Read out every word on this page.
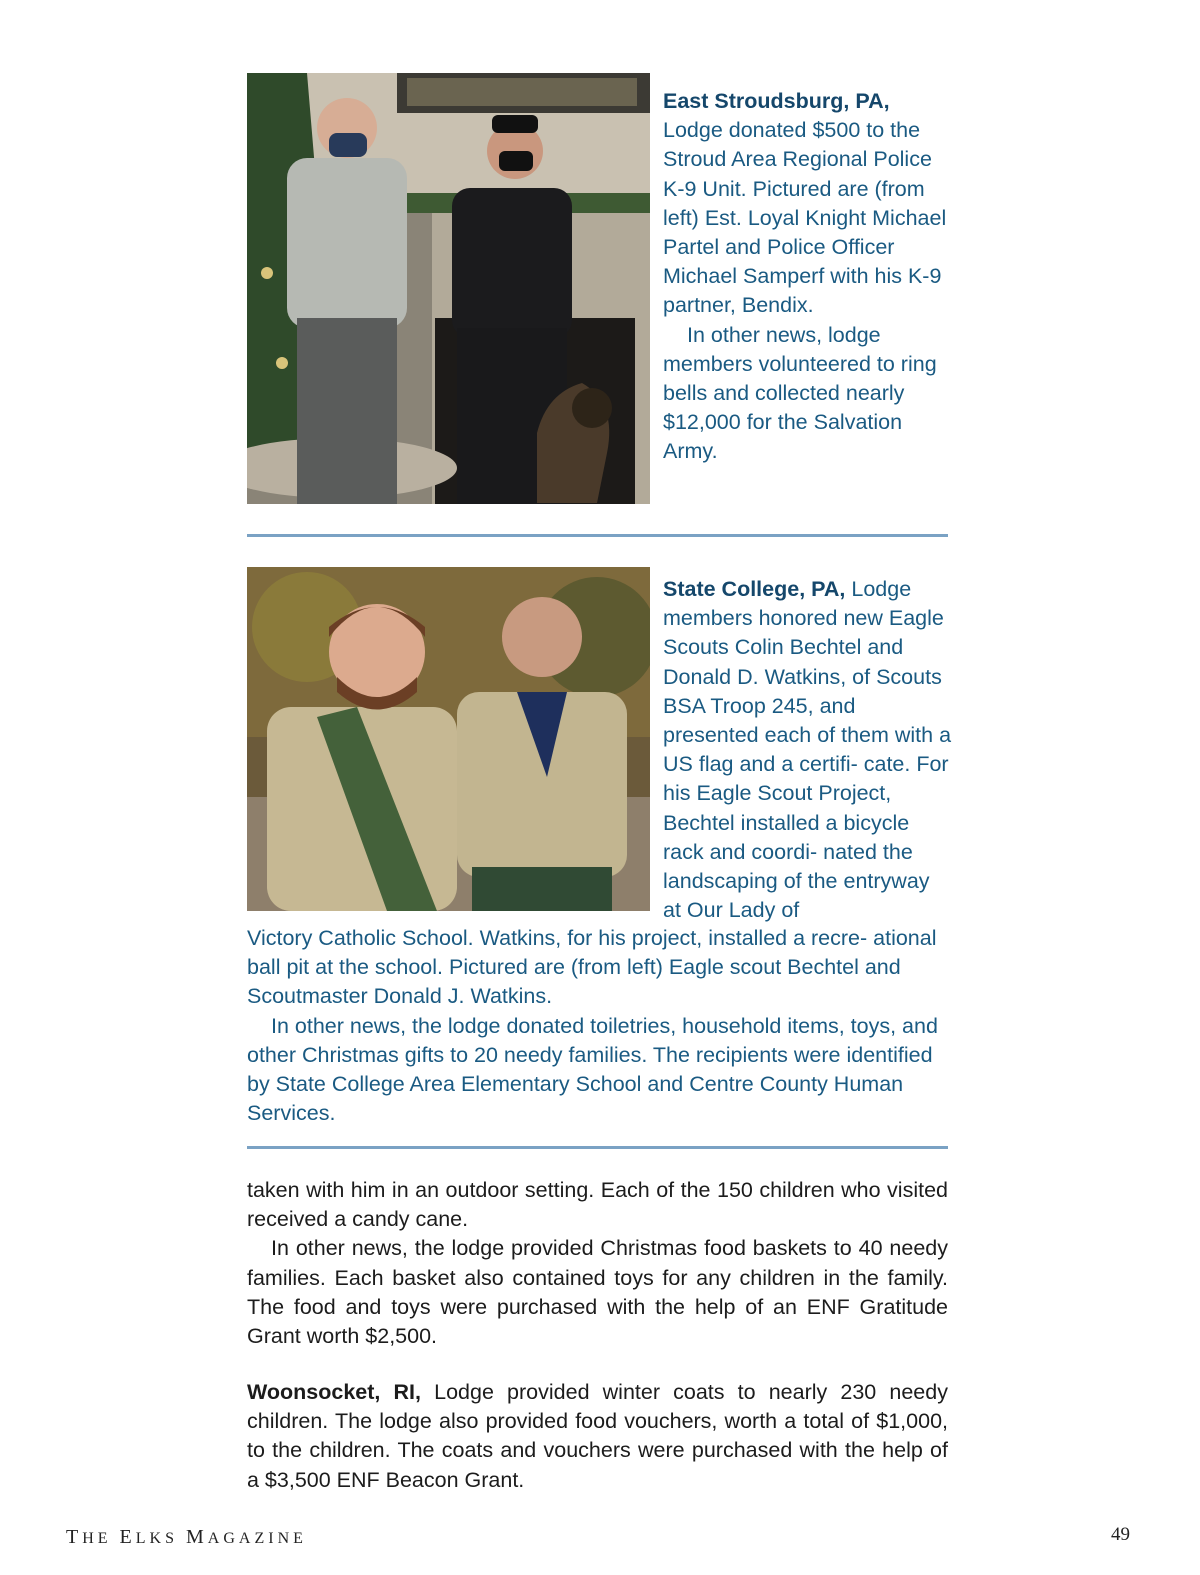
East Stroudsburg, PA, Lodge donated $500 to the Stroud Area Regional Police K-9 Unit. Pictured are (from left) Est. Loyal Knight Michael Partel and Police Officer Michael Samperf with his K-9 partner, Bendix.
In other news, lodge members volunteered to ring bells and collected nearly $12,000 for the Salvation Army.

State College, PA, Lodge members honored new Eagle Scouts Colin Bechtel and Donald D. Watkins, of Scouts BSA Troop 245, and presented each of them with a US flag and a certifi- cate. For his Eagle Scout Project, Bechtel installed a bicycle rack and coordi- nated the landscaping of the entryway at Our Lady of

Victory Catholic School. Watkins, for his project, installed a recre- ational ball pit at the school. Pictured are (from left) Eagle scout Bechtel and Scoutmaster Donald J. Watkins.
In other news, the lodge donated toiletries, household items, toys, and other Christmas gifts to 20 needy families. The recipients were identified by State College Area Elementary School and Centre County Human Services.

taken with him in an outdoor setting. Each of the 150 children who visited received a candy cane.
In other news, the lodge provided Christmas food baskets to 40 needy families. Each basket also contained toys for any children in the family. The food and toys were purchased with the help of an ENF Gratitude Grant worth $2,500.

Woonsocket, RI, Lodge provided winter coats to nearly 230 needy children. The lodge also provided food vouchers, worth a total of $1,000, to the children. The coats and vouchers were purchased with the help of a $3,500 ENF Beacon Grant.

THE ELKS MAGAZINE	49
